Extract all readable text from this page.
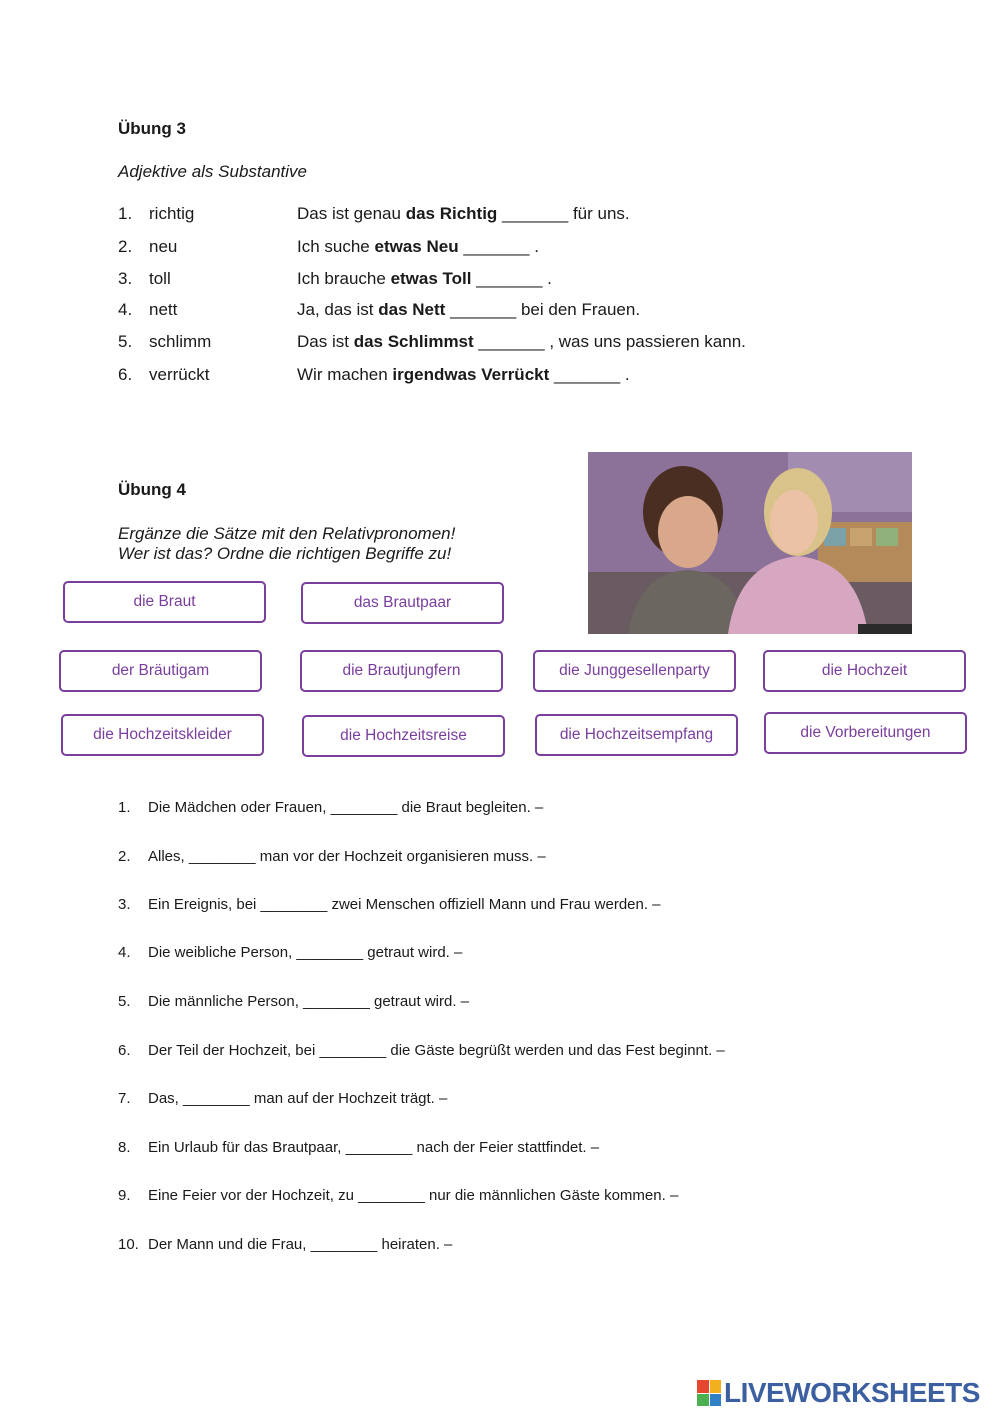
Übung 3
Adjektive als Substantive
1. richtig	Das ist genau das Richtig _______ für uns.
2. neu	Ich suche etwas Neu _______ .
3. toll	Ich brauche etwas Toll _______ .
4. nett	Ja, das ist das Nett _______ bei den Frauen.
5. schlimm	Das ist das Schlimmst _______ , was uns passieren kann.
6. verrückt	Wir machen irgendwas Verrückt _______ .
Übung 4
Ergänze die Sätze mit den Relativpronomen!
Wer ist das? Ordne die richtigen Begriffe zu!
die Braut	das Brautpaar
der Bräutigam	die Brautjungfern	die Junggesellenparty	die Hochzeit
die Hochzeitskleider	die Hochzeitsreise	die Hochzeitsempfang	die Vorbereitungen
1. Die Mädchen oder Frauen, ________ die Braut begleiten. –
2. Alles, ________ man vor der Hochzeit organisieren muss. –
3. Ein Ereignis, bei ________ zwei Menschen offiziell Mann und Frau werden. –
4. Die weibliche Person, ________ getraut wird. –
5. Die männliche Person, ________ getraut wird. –
6. Der Teil der Hochzeit, bei ________ die Gäste begrüßt werden und das Fest beginnt. –
7. Das, ________ man auf der Hochzeit trägt. –
8. Ein Urlaub für das Brautpaar, ________ nach der Feier stattfindet. –
9. Eine Feier vor der Hochzeit, zu ________ nur die männlichen Gäste kommen. –
10. Der Mann und die Frau, ________ heiraten. –
LIVEWORKSHEETS
